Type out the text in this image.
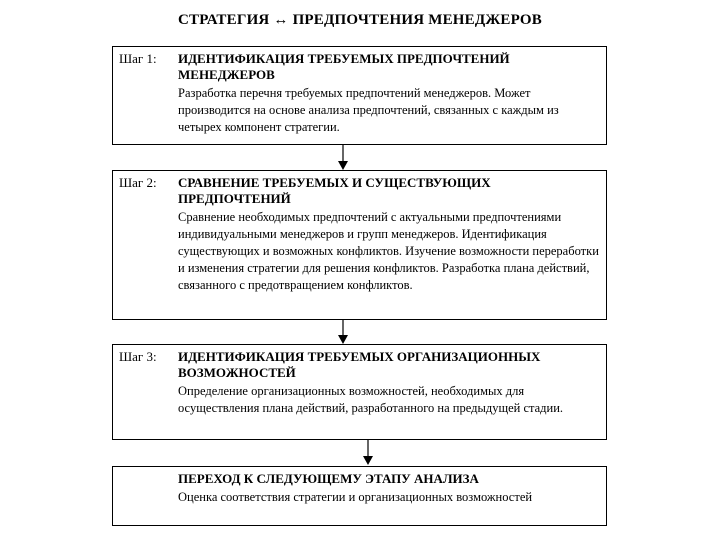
СТРАТЕГИЯ ↔ ПРЕДПОЧТЕНИЯ МЕНЕДЖЕРОВ
Шаг 1: ИДЕНТИФИКАЦИЯ ТРЕБУЕМЫХ ПРЕДПОЧТЕНИЙ МЕНЕДЖЕРОВ
Разработка перечня требуемых предпочтений менеджеров. Может производится на основе анализа предпочтений, связанных с каждым из четырех компонент стратегии.
Шаг 2: СРАВНЕНИЕ ТРЕБУЕМЫХ И СУЩЕСТВУЮЩИХ ПРЕДПОЧТЕНИЙ
Сравнение необходимых предпочтений с актуальными предпочтениями индивидуальными менеджеров и групп менеджеров. Идентификация существующих и возможных конфликтов. Изучение возможности переработки и изменения стратегии для решения конфликтов. Разработка плана действий, связанного с предотвращением конфликтов.
Шаг 3: ИДЕНТИФИКАЦИЯ ТРЕБУЕМЫХ ОРГАНИЗАЦИОННЫХ ВОЗМОЖНОСТЕЙ
Определение организационных возможностей, необходимых для осуществления плана действий, разработанного на предыдущей стадии.
ПЕРЕХОД К СЛЕДУЮЩЕМУ ЭТАПУ АНАЛИЗА
Оценка соответствия стратегии и организационных возможностей
